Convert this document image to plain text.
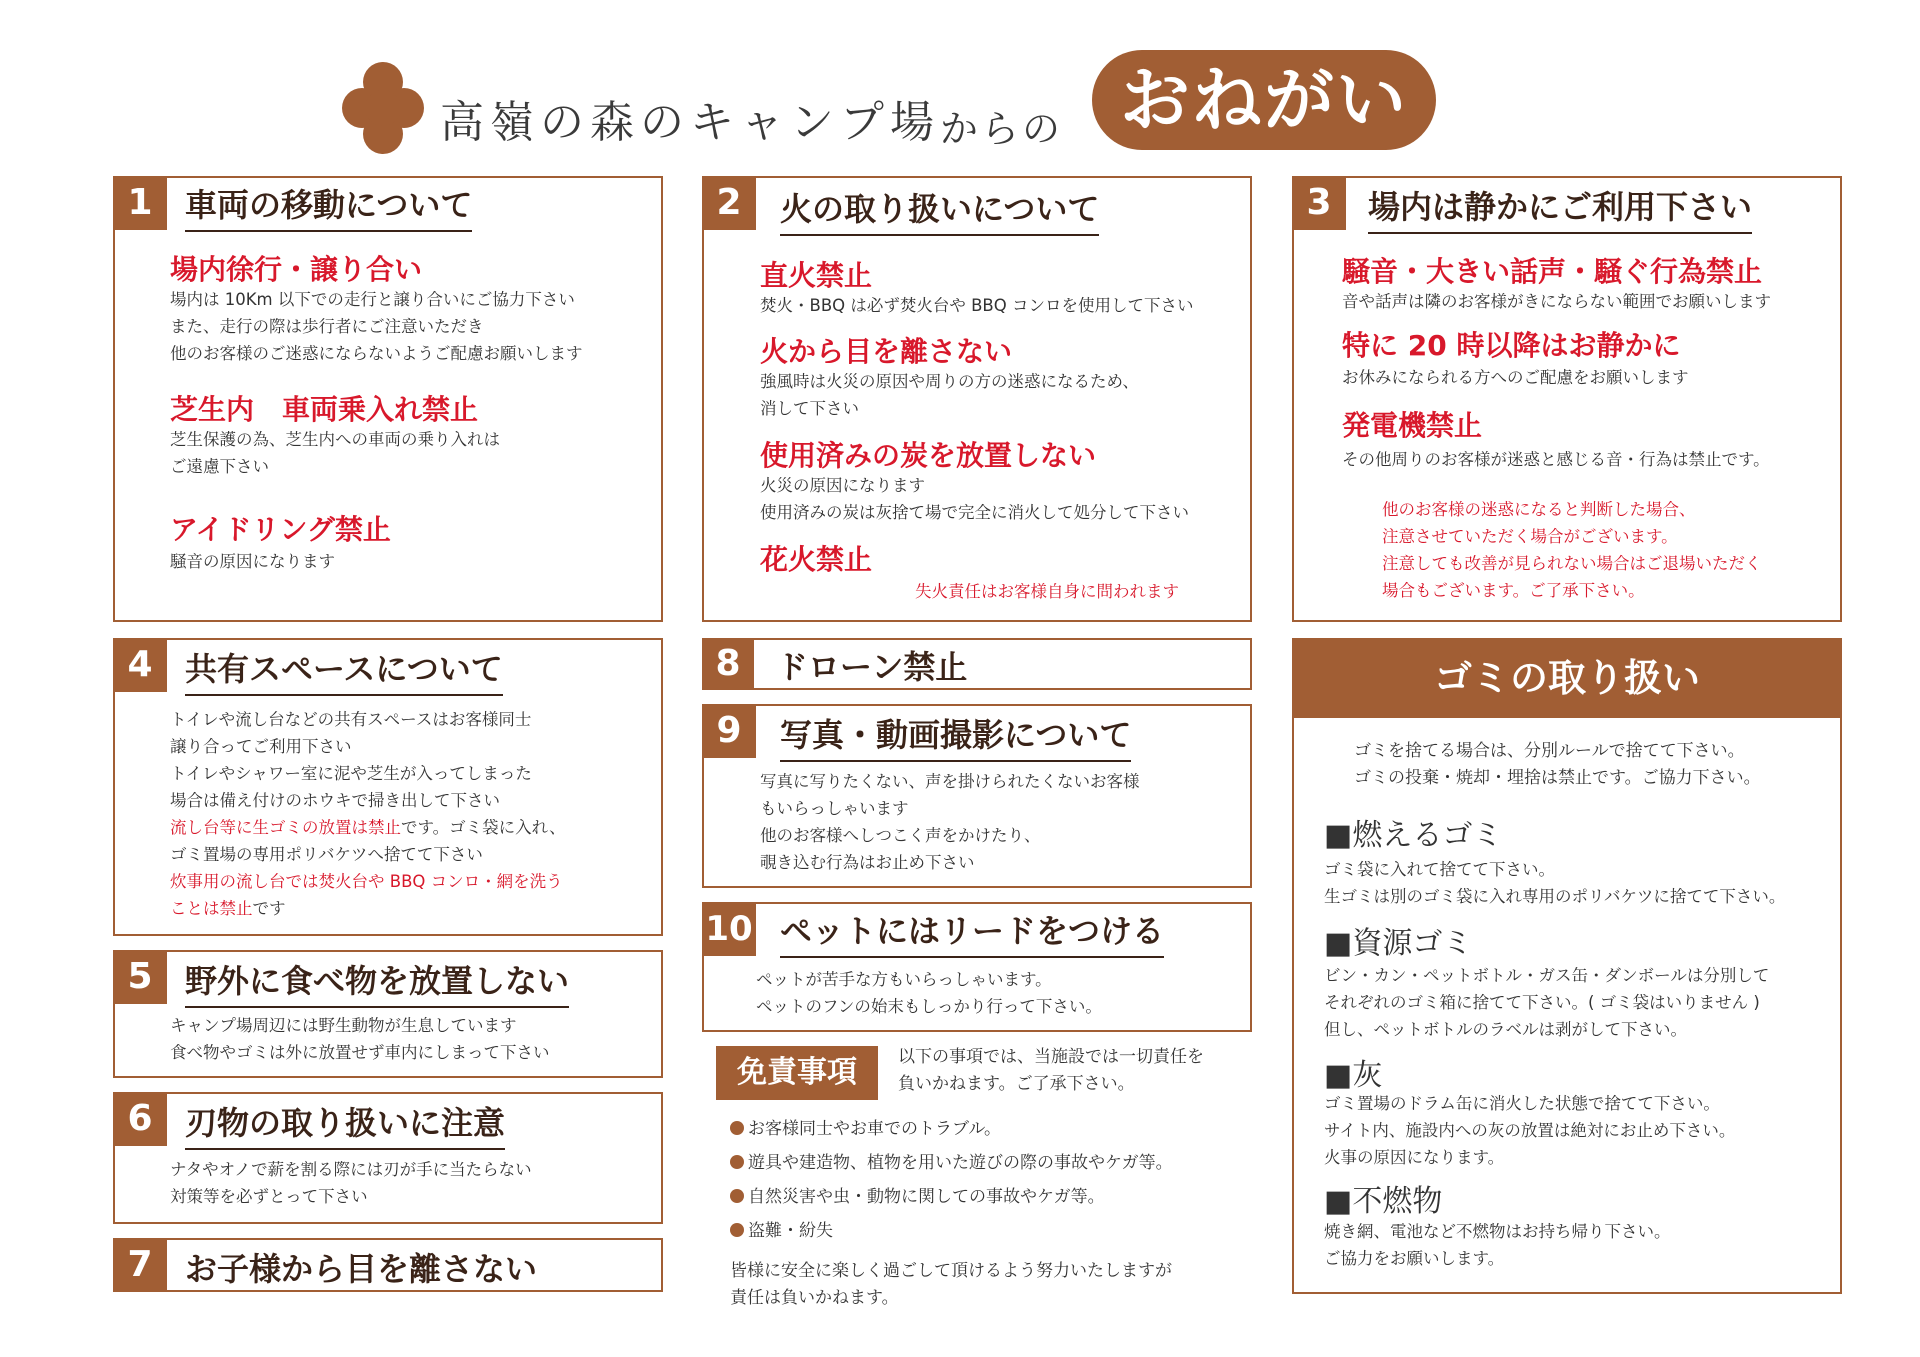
高嶺の森のキャンプ場 からの おねがい
1	車両の移動について
場内徐行・譲り合い
場内は 10Km 以下での走行と譲り合いにご協力下さい
また、走行の際は歩行者にご注意いただき
他のお客様のご迷惑にならないようご配慮お願いします
芝生内　車両乗入れ禁止
芝生保護の為、芝生内への車両の乗り入れは
ご遠慮下さい
アイドリング禁止
騒音の原因になります
2	火の取り扱いについて
直火禁止
焚火・BBQ は必ず焚火台や BBQ コンロを使用して下さい
火から目を離さない
強風時は火災の原因や周りの方の迷惑になるため、
消して下さい
使用済みの炭を放置しない
火災の原因になります
使用済みの炭は灰捨て場で完全に消火して処分して下さい
花火禁止
失火責任はお客様自身に問われます
3	場内は静かにご利用下さい
騒音・大きい話声・騒ぐ行為禁止
音や話声は隣のお客様がきにならない範囲でお願いします
特に 20 時以降はお静かに
お休みになられる方へのご配慮をお願いします
発電機禁止
その他周りのお客様が迷惑と感じる音・行為は禁止です。
他のお客様の迷惑になると判断した場合、
注意させていただく場合がございます。
注意しても改善が見られない場合はご退場いただく
場合もございます。ご了承下さい。
4	共有スペースについて
トイレや流し台などの共有スペースはお客様同士
譲り合ってご利用下さい
トイレやシャワー室に泥や芝生が入ってしまった
場合は備え付けのホウキで掃き出して下さい
流し台等に生ゴミの放置は禁止です。ゴミ袋に入れ、
ゴミ置場の専用ポリバケツへ捨てて下さい
炊事用の流し台では焚火台や BBQ コンロ・網を洗う
ことは禁止です
5	野外に食べ物を放置しない
キャンプ場周辺には野生動物が生息しています
食べ物やゴミは外に放置せず車内にしまって下さい
6	刃物の取り扱いに注意
ナタやオノで薪を割る際には刃が手に当たらない
対策等を必ずとって下さい
7	お子様から目を離さない
8	ドローン禁止
9	写真・動画撮影について
写真に写りたくない、声を掛けられたくないお客様
もいらっしゃいます
他のお客様へしつこく声をかけたり、
覗き込む行為はお止め下さい
10 ペットにはリードをつける
ペットが苦手な方もいらっしゃいます。
ペットのフンの始末もしっかり行って下さい。
免責事項	以下の事項では、当施設では一切責任を
負いかねます。ご了承下さい。
お客様同士やお車でのトラブル。
遊具や建造物、植物を用いた遊びの際の事故やケガ等。
自然災害や虫・動物に関しての事故やケガ等。
盗難・紛失
皆様に安全に楽しく過ごして頂けるよう努力いたしますが
責任は負いかねます。
ゴミの取り扱い
ゴミを捨てる場合は、分別ルールで捨てて下さい。
ゴミの投棄・焼却・埋捨は禁止です。ご協力下さい。
■燃えるゴミ
ゴミ袋に入れて捨てて下さい。
生ゴミは別のゴミ袋に入れ専用のポリバケツに捨てて下さい。
■資源ゴミ
ビン・カン・ペットボトル・ガス缶・ダンボールは分別して
それぞれのゴミ箱に捨てて下さい。( ゴミ袋はいりません )
但し、ペットボトルのラベルは剥がして下さい。
■灰
ゴミ置場のドラム缶に消火した状態で捨てて下さい。
サイト内、施設内への灰の放置は絶対にお止め下さい。
火事の原因になります。
■不燃物
焼き網、電池など不燃物はお持ち帰り下さい。
ご協力をお願いします。
